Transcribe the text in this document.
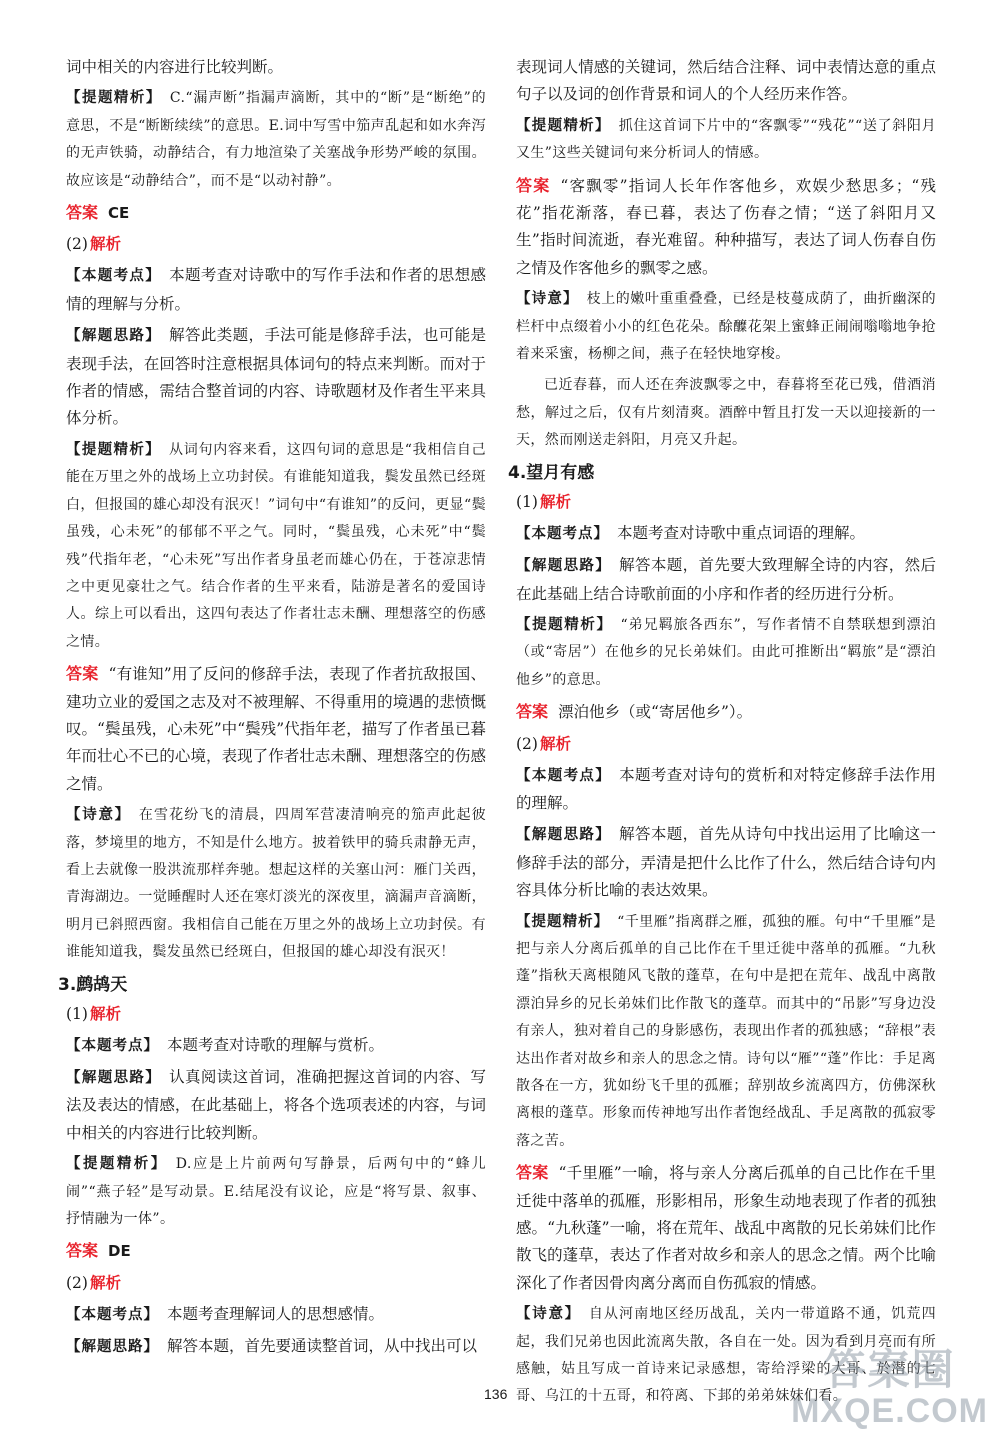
词中相关的内容进行比较判断。
【提题精析】 C.“漏声断”指漏声滴断，其中的“断”是“断绝”的意思，不是“断断续续”的意思。E.词中写雪中笳声乱起和如水奔泻的无声铁骑，动静结合，有力地渲染了关塞战争形势严峻的氛围。故应该是“动静结合”，而不是“以动衬静”。
答案 CE
(2) 解析
【本题考点】 本题考查对诗歌中的写作手法和作者的思想感情的理解与分析。
【解题思路】 解答此类题，手法可能是修辞手法，也可能是表现手法，在回答时注意根据具体词句的特点来判断。而对于作者的情感，需结合整首词的内容、诗歌题材及作者生平来具体分析。
【提题精析】 从词句内容来看，这四句词的意思是“我相信自己能在万里之外的战场上立功封侯。有谁能知道我，鬓发虽然已经斑白，但报国的雄心却没有泯灭！”词句中“有谁知”的反问，更显“鬓虽残，心未死”的郁郁不平之气。同时，“鬓虽残，心未死”中“鬓残”代指年老，“心未死”写出作者身虽老而雄心仍在，于苍凉悲情之中更见豪壮之气。结合作者的生平来看，陆游是著名的爱国诗人。综上可以看出，这四句表达了作者壮志未酬、理想落空的伤感之情。
答案 “有谁知”用了反问的修辞手法，表现了作者抗敌报国、建功立业的爱国之志及对不被理解、不得重用的境遇的悲愤慨叹。“鬓虽残，心未死”中“鬓残”代指年老，描写了作者虽已暮年而壮心不已的心境，表现了作者壮志未酬、理想落空的伤感之情。
【诗意】 在雪花纷飞的清晨，四周军营凄清响亮的笳声此起彼落，梦境里的地方，不知是什么地方。披着铁甲的骑兵肃静无声，看上去就像一股洪流那样奔驰。想起这样的关塞山河：雁门关西，青海湖边。一觉睡醒时人还在寒灯淡光的深夜里，滴漏声音滴断，明月已斜照西窗。我相信自己能在万里之外的战场上立功封侯。有谁能知道我，鬓发虽然已经斑白，但报国的雄心却没有泯灭！
3.鹧鸪天
(1) 解析
【本题考点】 本题考查对诗歌的理解与赏析。
【解题思路】 认真阅读这首词，准确把握这首词的内容、写法及表达的情感，在此基础上，将各个选项表述的内容，与词中相关的内容进行比较判断。
【提题精析】 D.应是上片前两句写静景，后两句中的“蜂儿闹”“燕子轻”是写动景。E.结尾没有议论，应是“将写景、叙事、抒情融为一体”。
答案 DE
(2) 解析
【本题考点】 本题考查理解词人的思想感情。
【解题思路】 解答本题，首先要通读整首词，从中找出可以
表现词人情感的关键词，然后结合注释、词中表情达意的重点句子以及词的创作背景和词人的个人经历来作答。
【提题精析】 抓住这首词下片中的“客飘零”“残花”“送了斜阳月又生”这些关键词句来分析词人的情感。
答案 “客飘零”指词人长年作客他乡，欢娱少愁思多；“残花”指花渐落，春已暮，表达了伤春之情；“送了斜阳月又生”指时间流逝，春光难留。种种描写，表达了词人伤春自伤之情及作客他乡的飘零之感。
【诗意】 枝上的嫩叶重重叠叠，已经是枝蔓成荫了，曲折幽深的栏杆中点缀着小小的红色花朵。酴醾花架上蜜蜂正闹闹嗡嗡地争抢着来采蜜，杨柳之间，燕子在轻快地穿梭。
已近春暮，而人还在奔波飘零之中，春暮将至花已残，借酒消愁，解过之后，仅有片刻清爽。酒醉中暂且打发一天以迎接新的一天，然而刚送走斜阳，月亮又升起。
4.望月有感
(1) 解析
【本题考点】 本题考查对诗歌中重点词语的理解。
【解题思路】 解答本题，首先要大致理解全诗的内容，然后在此基础上结合诗歌前面的小序和作者的经历进行分析。
【提题精析】 “弟兄羁旅各西东”，写作者情不自禁联想到漂泊（或“寄居”）在他乡的兄长弟妹们。由此可推断出“羁旅”是“漂泊他乡”的意思。
答案 漂泊他乡（或“寄居他乡”）。
(2) 解析
【本题考点】 本题考查对诗句的赏析和对特定修辞手法作用的理解。
【解题思路】 解答本题，首先从诗句中找出运用了比喻这一修辞手法的部分，弄清是把什么比作了什么，然后结合诗句内容具体分析比喻的表达效果。
【提题精析】 “千里雁”指离群之雁，孤独的雁。句中“千里雁”是把与亲人分离后孤单的自己比作在千里迁徙中落单的孤雁。“九秋蓬”指秋天离根随风飞散的蓬草，在句中是把在荒年、战乱中离散漂泊异乡的兄长弟妹们比作散飞的蓬草。而其中的“吊影”写身边没有亲人，独对着自己的身影感伤，表现出作者的孤独感；“辞根”表达出作者对故乡和亲人的思念之情。诗句以“雁”“蓬”作比：手足离散各在一方，犹如纷飞千里的孤雁；辞别故乡流离四方，仿佛深秋离根的蓬草。形象而传神地写出作者饱经战乱、手足离散的孤寂零落之苦。
答案 “千里雁”一喻，将与亲人分离后孤单的自己比作在千里迁徙中落单的孤雁，形影相吊，形象生动地表现了作者的孤独感。“九秋蓬”一喻，将在荒年、战乱中离散的兄长弟妹们比作散飞的蓬草，表达了作者对故乡和亲人的思念之情。两个比喻深化了作者因骨肉离分离而自伤孤寂的情感。
【诗意】 自从河南地区经历战乱，关内一带道路不通，饥荒四起，我们兄弟也因此流离失散，各自在一处。因为看到月亮而有所感触，姑且写成一首诗来记录感想，寄给浮梁的大哥、於潜的七哥、乌江的十五哥，和符离、下邽的弟弟妹妹们看。
136	答案圈
MXQE.COM
